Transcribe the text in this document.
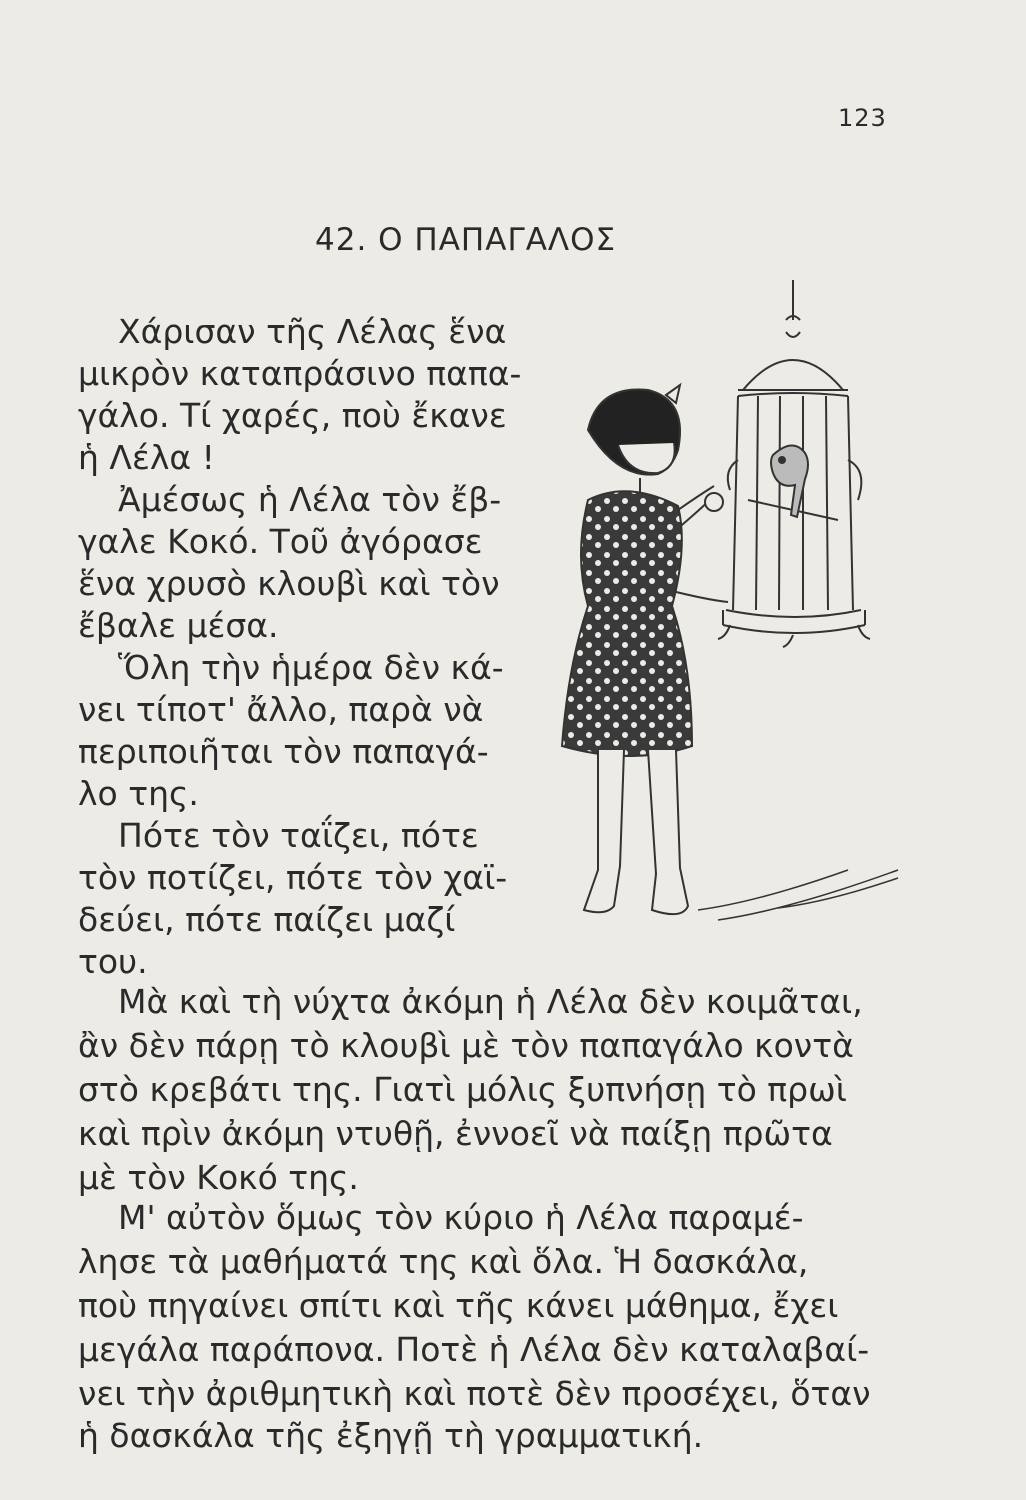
123
42. Ο ΠΑΠΑΓΑΛΟΣ
Χάρισαν τῆς Λέλας ἕνα
μικρὸν καταπράσινο παπα-
γάλο. Τί χαρές, ποὺ ἔκανε
ἡ Λέλα !
Ἀμέσως ἡ Λέλα τὸν ἔβ-
γαλε Κοκό. Τοῦ ἀγόρασε
ἕνα χρυσὸ κλουβὶ καὶ τὸν
ἔβαλε μέσα.
Ὅλη τὴν ἡμέρα δὲν κά-
νει τίποτ' ἄλλο, παρὰ νὰ
περιποιῆται τὸν παπαγά-
λο της.
Πότε τὸν ταΐζει, πότε
τὸν ποτίζει, πότε τὸν χαϊ-
δεύει, πότε παίζει μαζί
του.
Μὰ καὶ τὴ νύχτα ἀκόμη ἡ Λέλα δὲν κοιμᾶται,
ἂν δὲν πάρῃ τὸ κλουβὶ μὲ τὸν παπαγάλο κοντὰ
στὸ κρεβάτι της. Γιατὶ μόλις ξυπνήσῃ τὸ πρωὶ
καὶ πρὶν ἀκόμη ντυθῇ, ἐννοεῖ νὰ παίξῃ πρῶτα
μὲ τὸν Κοκό της.
Μ' αὐτὸν ὅμως τὸν κύριο ἡ Λέλα παραμέ-
λησε τὰ μαθήματά της καὶ ὅλα. Ἡ δασκάλα,
ποὺ πηγαίνει σπίτι καὶ τῆς κάνει μάθημα, ἔχει
μεγάλα παράπονα. Ποτὲ ἡ Λέλα δὲν καταλαβαί-
νει τὴν ἀριθμητικὴ καὶ ποτὲ δὲν προσέχει, ὅταν
ἡ δασκάλα τῆς ἐξηγῇ τὴ γραμματική.
